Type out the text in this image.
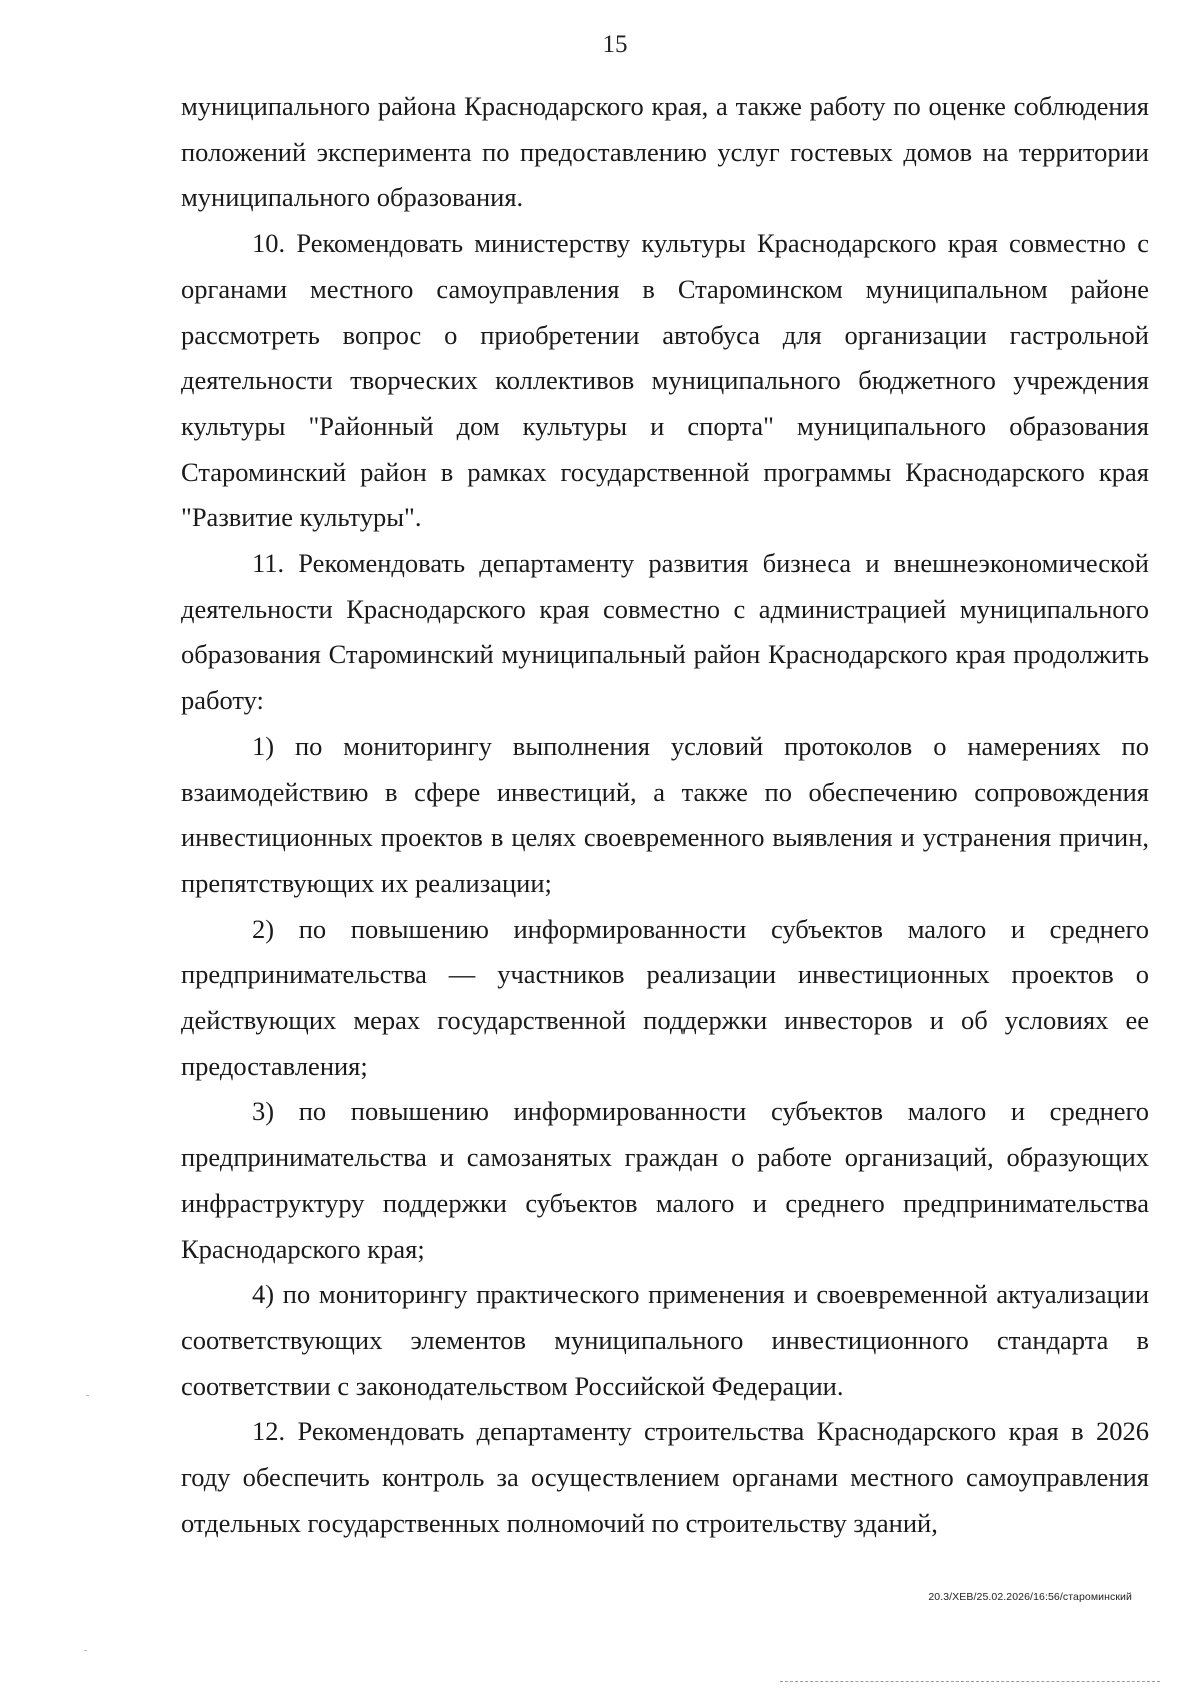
15

муниципального района Краснодарского края, а также работу по оценке соблюдения положений эксперимента по предоставлению услуг гостевых домов на территории муниципального образования.

10. Рекомендовать министерству культуры Краснодарского края совместно с органами местного самоуправления в Староминском муниципальном районе рассмотреть вопрос о приобретении автобуса для организации гастрольной деятельности творческих коллективов муниципального бюджетного учреждения культуры "Районный дом культуры и спорта" муниципального образования Староминский район в рамках государственной программы Краснодарского края "Развитие культуры".

11. Рекомендовать департаменту развития бизнеса и внешнеэкономической деятельности Краснодарского края совместно с администрацией муниципального образования Староминский муниципальный район Краснодарского края продолжить работу:

1) по мониторингу выполнения условий протоколов о намерениях по взаимодействию в сфере инвестиций, а также по обеспечению сопровождения инвестиционных проектов в целях своевременного выявления и устранения причин, препятствующих их реализации;

2) по повышению информированности субъектов малого и среднего предпринимательства — участников реализации инвестиционных проектов о действующих мерах государственной поддержки инвесторов и об условиях ее предоставления;

3) по повышению информированности субъектов малого и среднего предпринимательства и самозанятых граждан о работе организаций, образующих инфраструктуру поддержки субъектов малого и среднего предпринимательства Краснодарского края;

4) по мониторингу практического применения и своевременной актуализации соответствующих элементов муниципального инвестиционного стандарта в соответствии с законодательством Российской Федерации.

12. Рекомендовать департаменту строительства Краснодарского края в 2026 году обеспечить контроль за осуществлением органами местного самоуправления отдельных государственных полномочий по строительству зданий,

20.3/ХЕВ/25.02.2026/16:56/староминский
